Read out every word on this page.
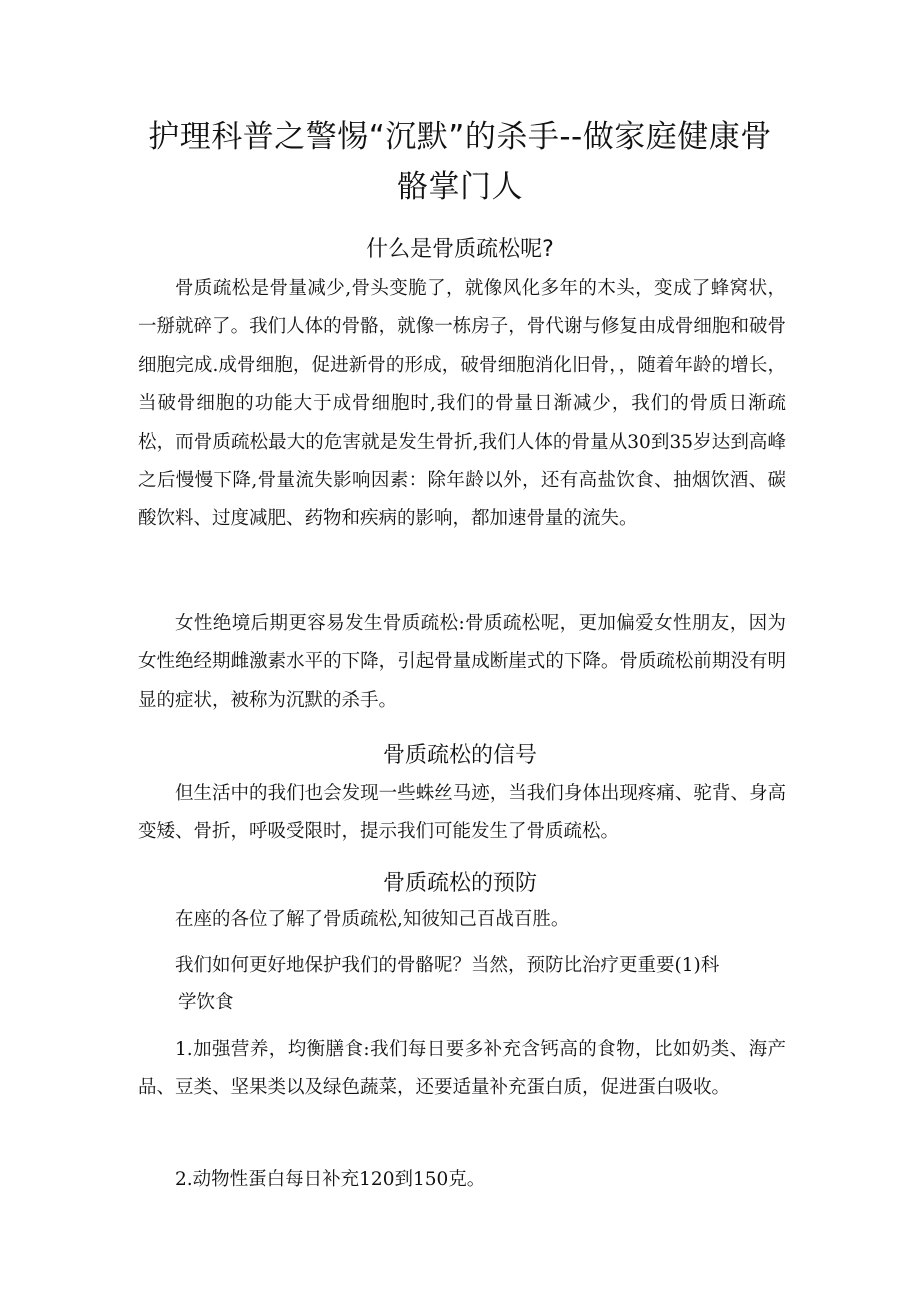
护理科普之警惕“沉默”的杀手--做家庭健康骨骼掌门人
什么是骨质疏松呢?

骨质疏松是骨量减少,骨头变脆了，就像风化多年的木头，变成了蜂窝状，一掰就碎了。我们人体的骨骼，就像一栋房子，骨代谢与修复由成骨细胞和破骨细胞完成.成骨细胞，促进新骨的形成，破骨细胞消化旧骨，，随着年龄的增长，当破骨细胞的功能大于成骨细胞时,我们的骨量日渐减少，我们的骨质日渐疏松，而骨质疏松最大的危害就是发生骨折,我们人体的骨量从30到35岁达到高峰之后慢慢下降,骨量流失影响因素：除年龄以外，还有高盐饮食、抽烟饮酒、碳酸饮料、过度减肥、药物和疾病的影响，都加速骨量的流失。

女性绝境后期更容易发生骨质疏松:骨质疏松呢，更加偏爱女性朋友，因为女性绝经期雌激素水平的下降，引起骨量成断崖式的下降。骨质疏松前期没有明显的症状，被称为沉默的杀手。

骨质疏松的信号

但生活中的我们也会发现一些蛛丝马迹，当我们身体出现疼痛、驼背、身高变矮、骨折，呼吸受限时，提示我们可能发生了骨质疏松。

骨质疏松的预防

在座的各位了解了骨质疏松,知彼知己百战百胜。

我们如何更好地保护我们的骨骼呢？当然，预防比治疗更重要(1)科

学饮食

1.加强营养，均衡膳食:我们每日要多补充含钙高的食物，比如奶类、海产品、豆类、坚果类以及绿色蔬菜，还要适量补充蛋白质，促进蛋白吸收。

2.动物性蛋白每日补充120到150克。
